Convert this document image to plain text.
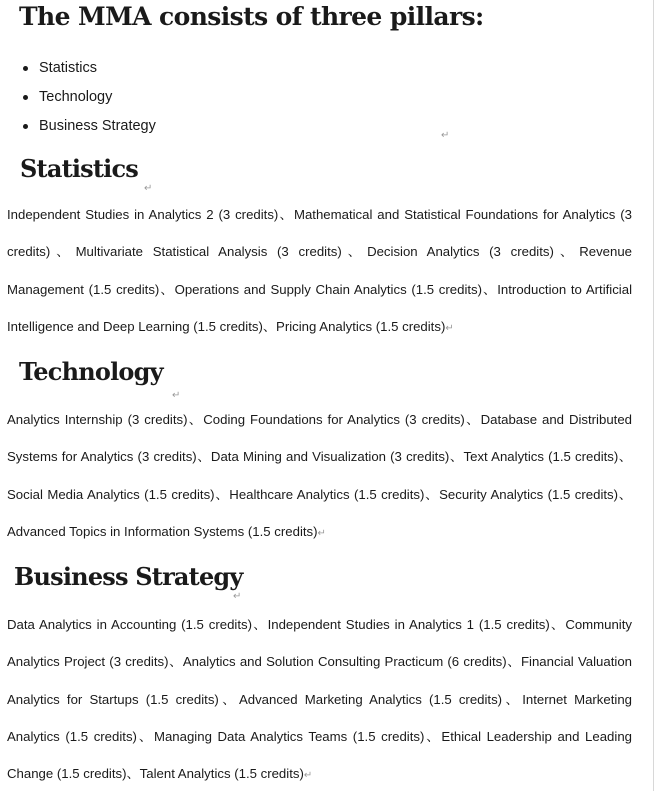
The MMA consists of three pillars:
Statistics
Technology
Business Strategy
↵
Statistics
↵

Independent Studies in Analytics 2 (3 credits)、Mathematical and Statistical Foundations for Analytics (3 credits)、Multivariate Statistical Analysis (3 credits)、Decision Analytics (3 credits)、Revenue Management (1.5 credits)、Operations and Supply Chain Analytics (1.5 credits)、Introduction to Artificial Intelligence and Deep Learning (1.5 credits)、Pricing Analytics (1.5 credits)↵

Technology
↵

Analytics Internship (3 credits)、Coding Foundations for Analytics (3 credits)、Database and Distributed Systems for Analytics (3 credits)、Data Mining and Visualization (3 credits)、Text Analytics (1.5 credits)、Social Media Analytics (1.5 credits)、Healthcare Analytics (1.5 credits)、Security Analytics (1.5 credits)、Advanced Topics in Information Systems (1.5 credits)↵

Business Strategy
↵

Data Analytics in Accounting (1.5 credits)、Independent Studies in Analytics 1 (1.5 credits)、Community Analytics Project (3 credits)、Analytics and Solution Consulting Practicum (6 credits)、Financial Valuation Analytics for Startups (1.5 credits)、Advanced Marketing Analytics (1.5 credits)、Internet Marketing Analytics (1.5 credits)、Managing Data Analytics Teams (1.5 credits)、Ethical Leadership and Leading Change (1.5 credits)、Talent Analytics (1.5 credits)↵
